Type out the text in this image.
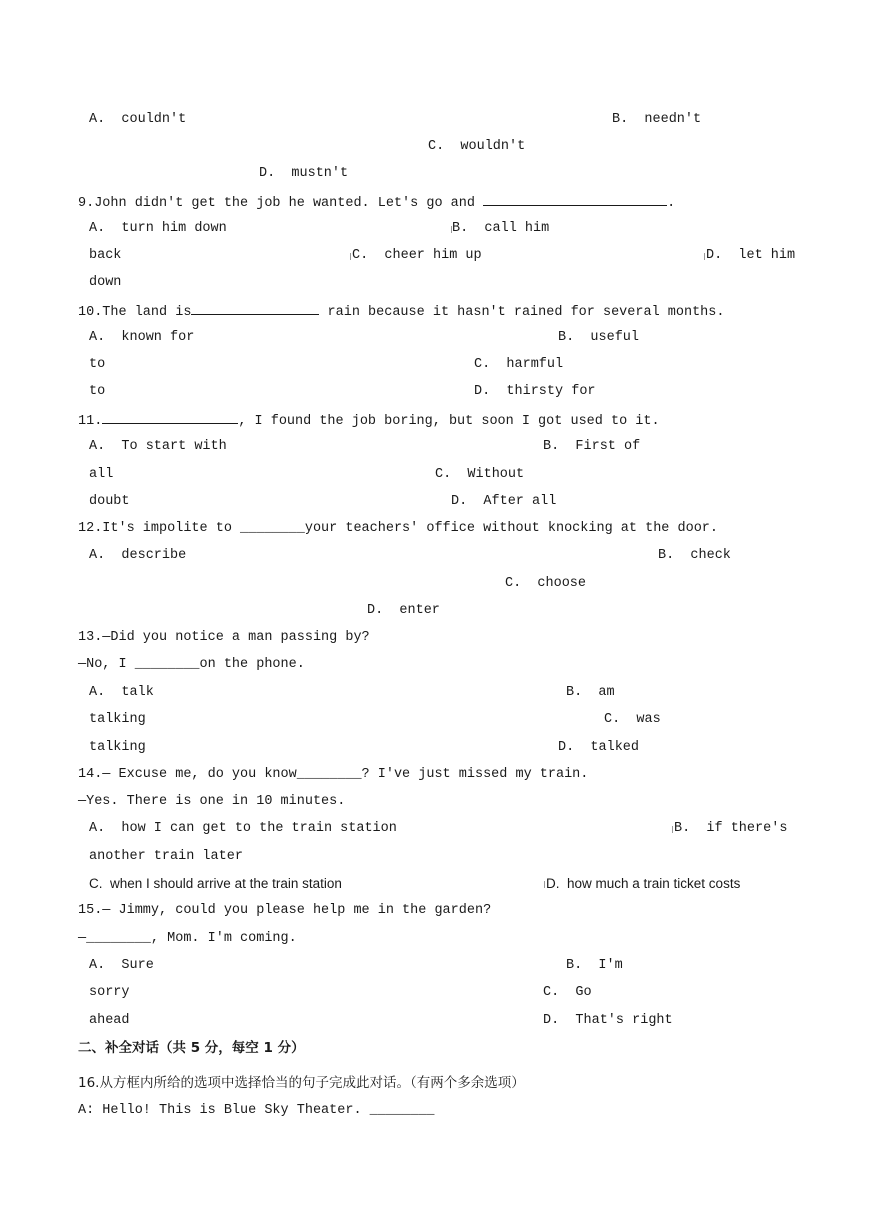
A.  couldn't	B.  needn't
C.  wouldn't
D.  mustn't
9.John didn't get the job he wanted. Let's go and	.
A.  turn him down	B.  call him
back	C.  cheer him up	D.  let him
down
10.The land is	rain because it hasn't rained for several months.
A.  known for	B.  useful
to	C.  harmful
to	D.  thirsty for
11.	, I found the job boring, but soon I got used to it.
A.  To start with	B.  First of
all	C.  Without
doubt	D.  After all
12.It's impolite to ________your teachers' office without knocking at the door.
A.  describe	B.  check
C.  choose
D.  enter
13.—Did you notice a man passing by?
—No, I ________on the phone.
A.  talk	B.  am
talking	C.  was
talking	D.  talked
14.— Excuse me, do you know________? I've just missed my train.
—Yes. There is one in 10 minutes.
A.  how I can get to the train station	B.  if there's
another train later
C.  when I should arrive at the train station	D.  how much a train ticket costs
15.— Jimmy, could you please help me in the garden?
—________, Mom. I'm coming.
A.  Sure	B.  I'm
sorry	C.  Go
ahead	D.  That's right
二、补全对话（共 5 分，每空 1 分）
16.从方框内所给的选项中选择恰当的句子完成此对话。（有两个多余选项）
A: Hello! This is Blue Sky Theater. ________
